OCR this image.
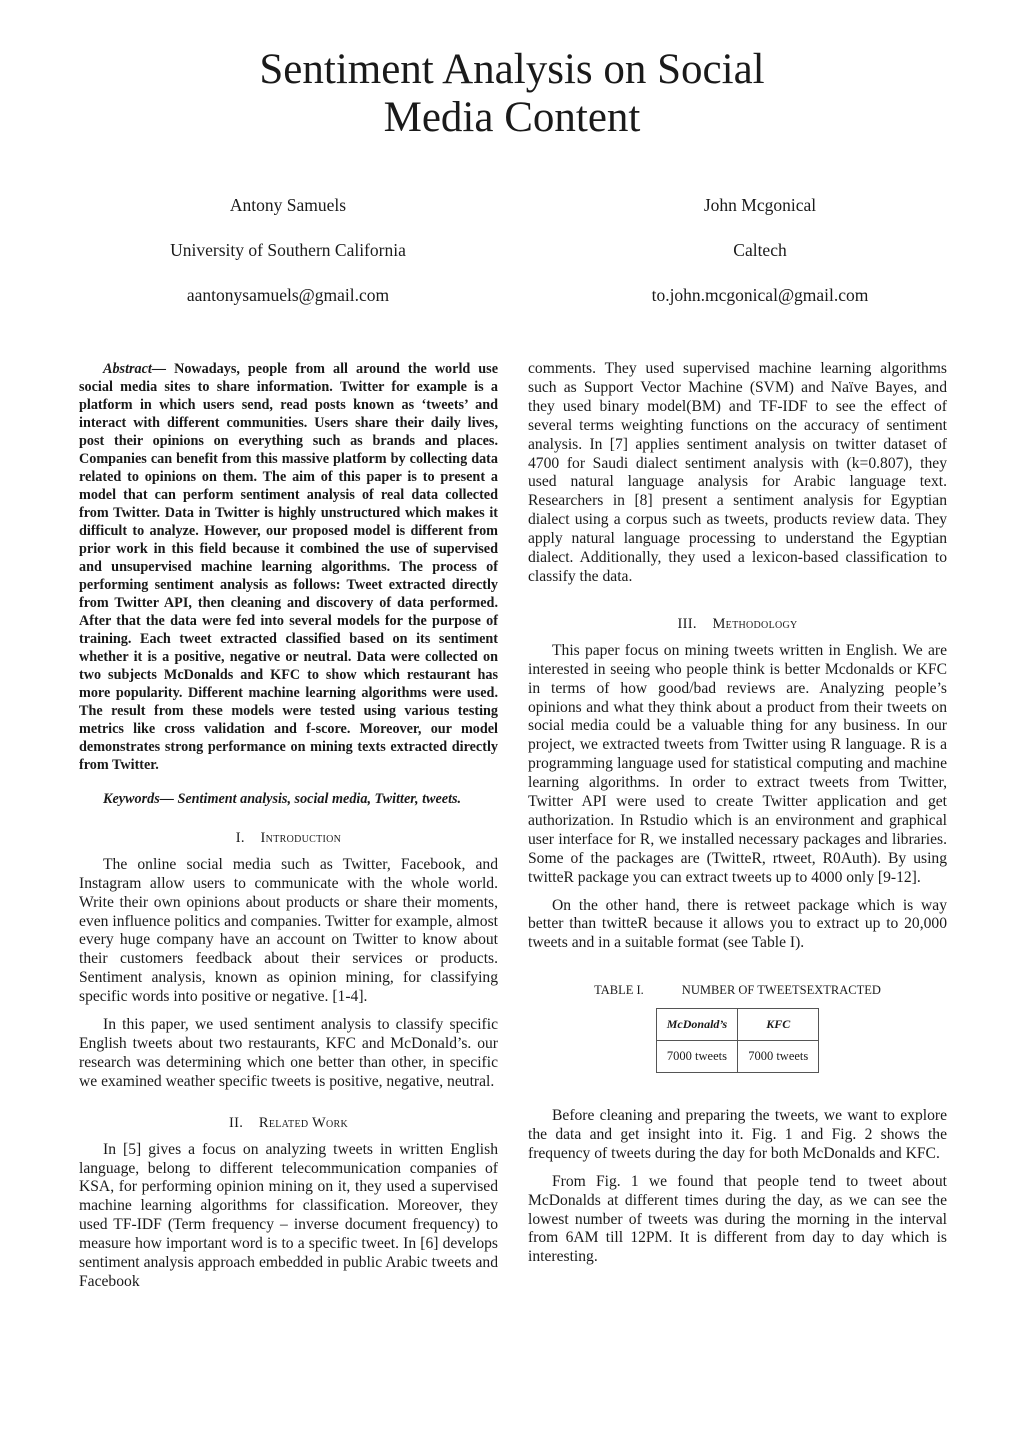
Sentiment Analysis on Social
Media Content
Antony Samuels
University of Southern California
aantonysamuels@gmail.com
John Mcgonical
Caltech
to.john.mcgonical@gmail.com

Abstract— Nowadays, people from all around the world use social media sites to share information. Twitter for example is a platform in which users send, read posts known as ‘tweets’ and interact with different communities. Users share their daily lives, post their opinions on everything such as brands and places. Companies can benefit from this massive platform by collecting data related to opinions on them. The aim of this paper is to present a model that can perform sentiment analysis of real data collected from Twitter. Data in Twitter is highly unstructured which makes it difficult to analyze. However, our proposed model is different from prior work in this field because it combined the use of supervised and unsupervised machine learning algorithms. The process of performing sentiment analysis as follows: Tweet extracted directly from Twitter API, then cleaning and discovery of data performed. After that the data were fed into several models for the purpose of training. Each tweet extracted classified based on its sentiment whether it is a positive, negative or neutral. Data were collected on two subjects McDonalds and KFC to show which restaurant has more popularity. Different machine learning algorithms were used. The result from these models were tested using various testing metrics like cross validation and f-score. Moreover, our model demonstrates strong performance on mining texts extracted directly from Twitter.

Keywords— Sentiment analysis, social media, Twitter, tweets.

I. Introduction

The online social media such as Twitter, Facebook, and Instagram allow users to communicate with the whole world. Write their own opinions about products or share their moments, even influence politics and companies. Twitter for example, almost every huge company have an account on Twitter to know about their customers feedback about their services or products. Sentiment analysis, known as opinion mining, for classifying specific words into positive or negative. [1-4].

In this paper, we used sentiment analysis to classify specific English tweets about two restaurants, KFC and McDonald’s. our research was determining which one better than other, in specific we examined weather specific tweets is positive, negative, neutral.

II. Related Work

In [5] gives a focus on analyzing tweets in written English language, belong to different telecommunication companies of KSA, for performing opinion mining on it, they used a supervised machine learning algorithms for classification. Moreover, they used TF-IDF (Term frequency – inverse document frequency) to measure how important word is to a specific tweet. In [6] develops sentiment analysis approach embedded in public Arabic tweets and Facebook

comments. They used supervised machine learning algorithms such as Support Vector Machine (SVM) and Naïve Bayes, and they used binary model(BM) and TF-IDF to see the effect of several terms weighting functions on the accuracy of sentiment analysis. In [7] applies sentiment analysis on twitter dataset of 4700 for Saudi dialect sentiment analysis with (k=0.807), they used natural language analysis for Arabic language text. Researchers in [8] present a sentiment analysis for Egyptian dialect using a corpus such as tweets, products review data. They apply natural language processing to understand the Egyptian dialect. Additionally, they used a lexicon-based classification to classify the data.

III. Methodology

This paper focus on mining tweets written in English. We are interested in seeing who people think is better Mcdonalds or KFC in terms of how good/bad reviews are. Analyzing people’s opinions and what they think about a product from their tweets on social media could be a valuable thing for any business. In our project, we extracted tweets from Twitter using R language. R is a programming language used for statistical computing and machine learning algorithms. In order to extract tweets from Twitter, Twitter API were used to create Twitter application and get authorization. In Rstudio which is an environment and graphical user interface for R, we installed necessary packages and libraries. Some of the packages are (TwitteR, rtweet, R0Auth). By using twitteR package you can extract tweets up to 4000 only [9-12].

On the other hand, there is retweet package which is way better than twitteR because it allows you to extract up to 20,000 tweets and in a suitable format (see Table I).

TABLE I.	NUMBER OF TWEETSEXTRACTED
McDonald’s	KFC
7000 tweets	7000 tweets

Before cleaning and preparing the tweets, we want to explore the data and get insight into it. Fig. 1 and Fig. 2 shows the frequency of tweets during the day for both McDonalds and KFC.

From Fig. 1 we found that people tend to tweet about McDonalds at different times during the day, as we can see the lowest number of tweets was during the morning in the interval from 6AM till 12PM. It is different from day to day which is interesting.
